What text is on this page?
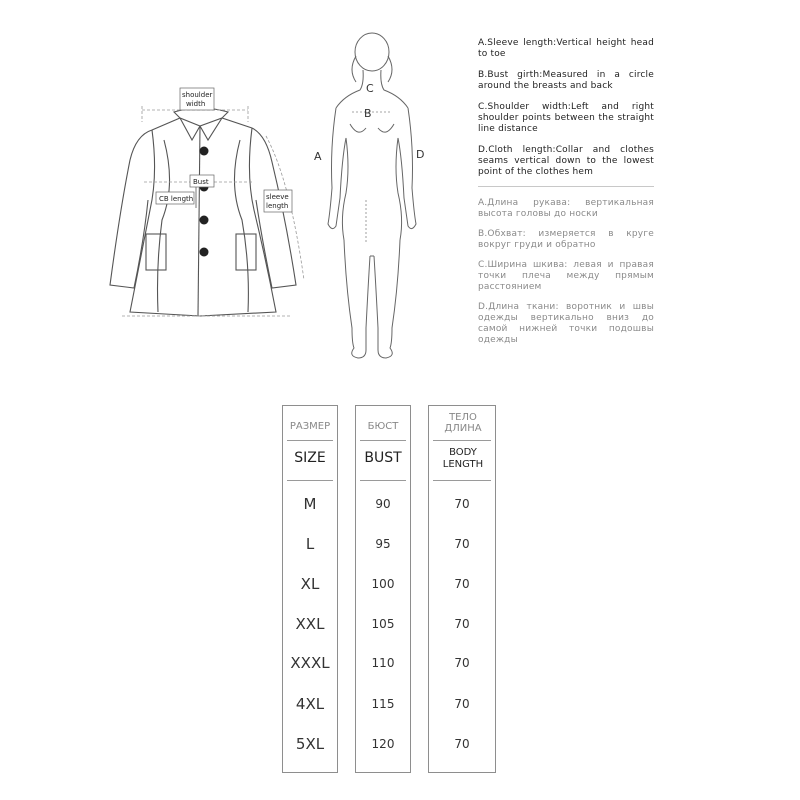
shoulder
width
Bust
CB length	sleeve
length
C
B
A	D
A.Sleeve length:Vertical height head to toe
B.Bust girth:Measured in a circle around the breasts and back
C.Shoulder width:Left and right shoulder points between the straight line distance
D.Cloth length:Collar and clothes seams vertical down to the lowest point of the clothes hem
A.Длина рукава: вертикальная высота головы до носки
B.Обхват: измеряется в круге вокруг груди и обратно
C.Ширина шкива: левая и правая точки плеча между прямым расстоянием
D.Длина ткани: воротник и швы одежды вертикально вниз до самой нижней точки подошвы одежды
РАЗМЕР
SIZE
M
L
XL
XXL
XXXL
4XL
5XL
БЮСТ
BUST
90
95
100
105
110
115
120
ТЕЛО ДЛИНА
BODY LENGTH
70
70
70
70
70
70
70
